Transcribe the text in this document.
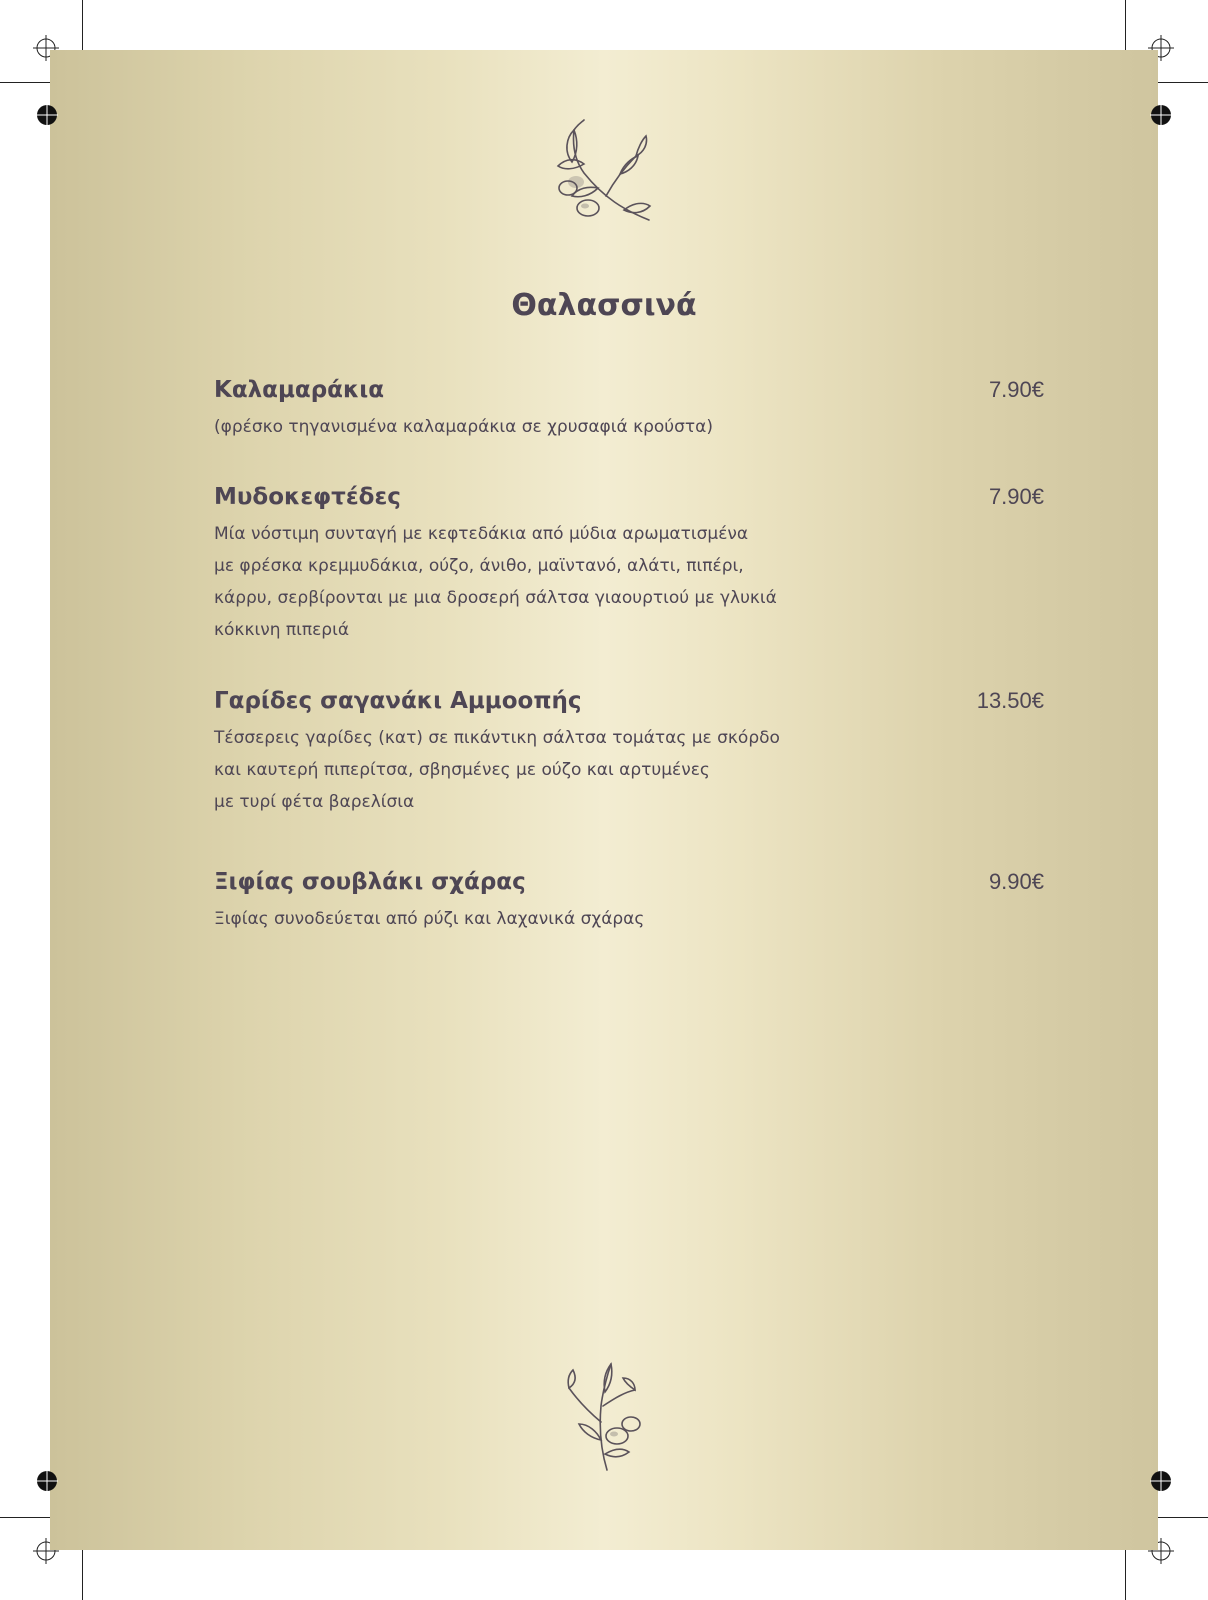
Θαλασσινά
Καλαμαράκια	7.90€
(φρέσκο τηγανισμένα καλαμαράκια σε χρυσαφιά κρούστα)
Μυδοκεφτέδες	7.90€
Μία νόστιμη συνταγή με κεφτεδάκια από μύδια αρωματισμένα
με φρέσκα κρεμμυδάκια, ούζο, άνιθο, μαϊντανό, αλάτι, πιπέρι,
κάρρυ, σερβίρονται με μια δροσερή σάλτσα γιαουρτιού με γλυκιά
κόκκινη πιπεριά
Γαρίδες σαγανάκι Αμμοοπής	13.50€
Τέσσερεις γαρίδες (κατ) σε πικάντικη σάλτσα τομάτας με σκόρδο
και καυτερή πιπερίτσα, σβησμένες με ούζο και αρτυμένες
με τυρί φέτα βαρελίσια
Ξιφίας σουβλάκι σχάρας	9.90€
Ξιφίας συνοδεύεται από ρύζι και λαχανικά σχάρας
